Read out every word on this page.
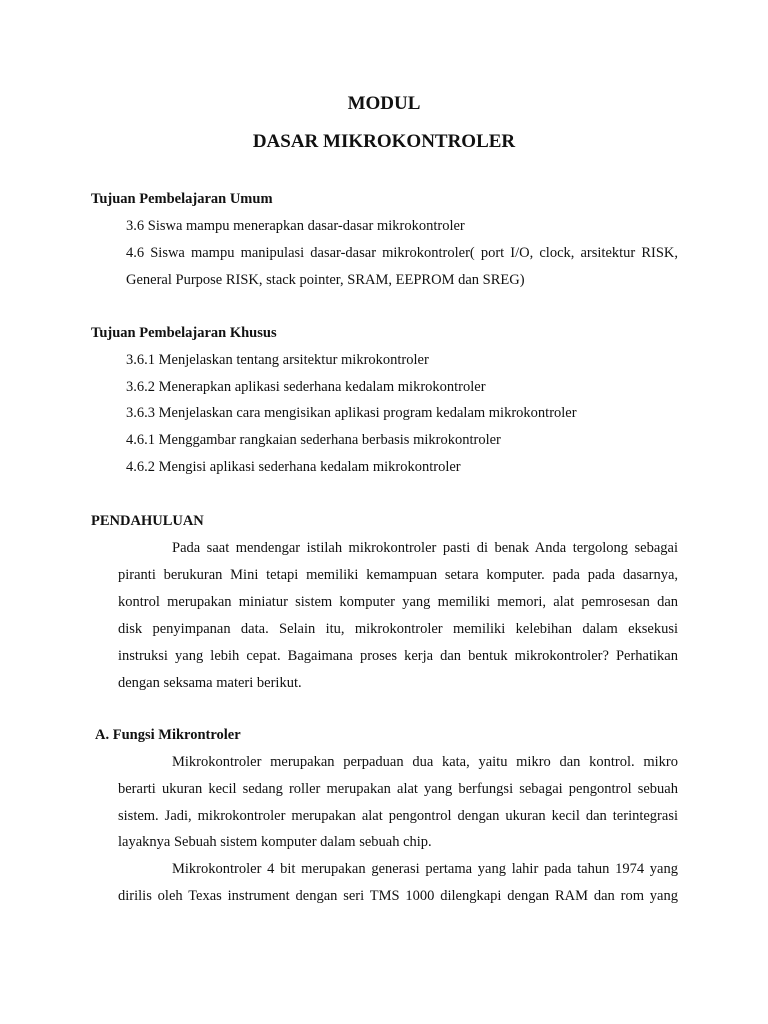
MODUL
DASAR MIKROKONTROLER

Tujuan Pembelajaran Umum

3.6 Siswa mampu menerapkan dasar-dasar mikrokontroler

4.6 Siswa mampu manipulasi dasar-dasar mikrokontroler( port I/O, clock, arsitektur RISK,

General Purpose RISK, stack pointer, SRAM, EEPROM dan SREG)

Tujuan Pembelajaran Khusus

3.6.1 Menjelaskan tentang arsitektur mikrokontroler

3.6.2 Menerapkan aplikasi sederhana kedalam mikrokontroler

3.6.3 Menjelaskan cara mengisikan aplikasi program kedalam mikrokontroler

4.6.1 Menggambar rangkaian sederhana berbasis mikrokontroler

4.6.2 Mengisi aplikasi sederhana kedalam mikrokontroler

PENDAHULUAN

Pada saat mendengar istilah mikrokontroler pasti di benak Anda tergolong sebagai

piranti berukuran Mini tetapi memiliki kemampuan setara komputer. pada pada dasarnya,

kontrol merupakan miniatur sistem komputer yang memiliki memori, alat pemrosesan dan

disk penyimpanan data. Selain itu, mikrokontroler memiliki kelebihan dalam eksekusi

instruksi yang lebih cepat. Bagaimana proses kerja dan bentuk mikrokontroler? Perhatikan

dengan seksama materi berikut.

A. Fungsi Mikrontroler

Mikrokontroler merupakan perpaduan dua kata, yaitu mikro dan kontrol. mikro

berarti ukuran kecil sedang roller merupakan alat yang berfungsi sebagai pengontrol sebuah

sistem. Jadi, mikrokontroler merupakan alat pengontrol dengan ukuran kecil dan terintegrasi

layaknya Sebuah sistem komputer dalam sebuah chip.

Mikrokontroler 4 bit merupakan generasi pertama yang lahir pada tahun 1974 yang

dirilis oleh Texas instrument dengan seri TMS 1000 dilengkapi dengan RAM dan rom yang
